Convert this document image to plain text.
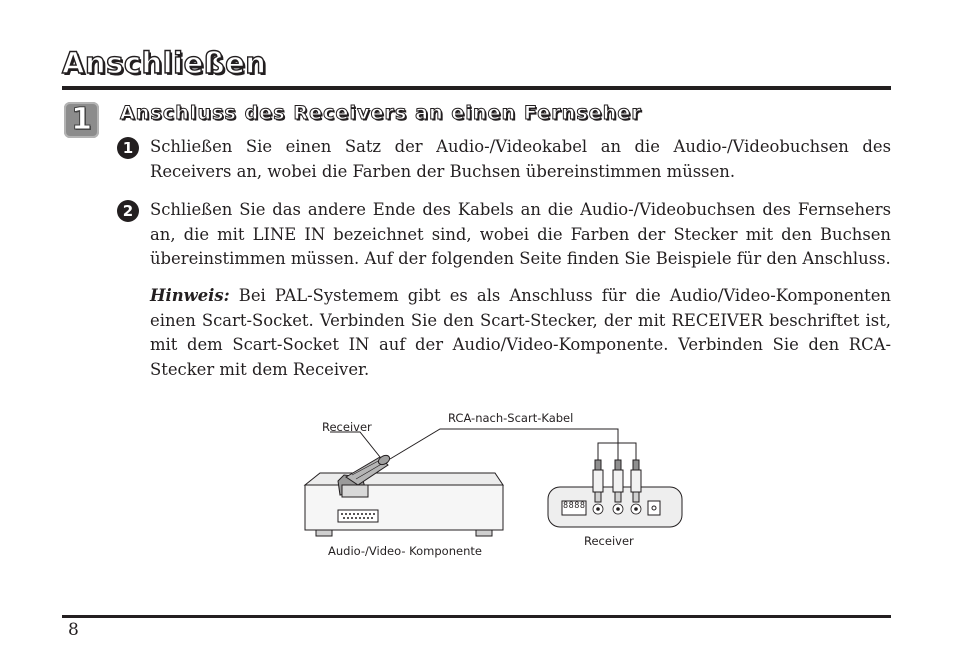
Anschließen
1	Anschluss des Receivers an einen Fernseher
1	Schließen Sie einen Satz der Audio-/Videokabel an die Audio-/Videobuchsen des Receivers an, wobei die Farben der Buchsen übereinstimmen müssen.

2	Schließen Sie das andere Ende des Kabels an die Audio-/Videobuchsen des Fernsehers an, die mit LINE IN bezeichnet sind, wobei die Farben der Stecker mit den Buchsen übereinstimmen müssen. Auf der folgenden Seite finden Sie Beispiele für den Anschluss.

Hinweis: Bei PAL-Systemem gibt es als Anschluss für die Audio/Video-Komponenten einen Scart-Socket. Verbinden Sie den Scart-Stecker, der mit RECEIVER beschriftet ist, mit dem Scart-Socket IN auf der Audio/Video-Komponente. Verbinden Sie den RCA-Stecker mit dem Receiver.

Receiver
RCA-nach-Scart-Kabel
Audio-/Video- Komponente
Receiver
8888
8
